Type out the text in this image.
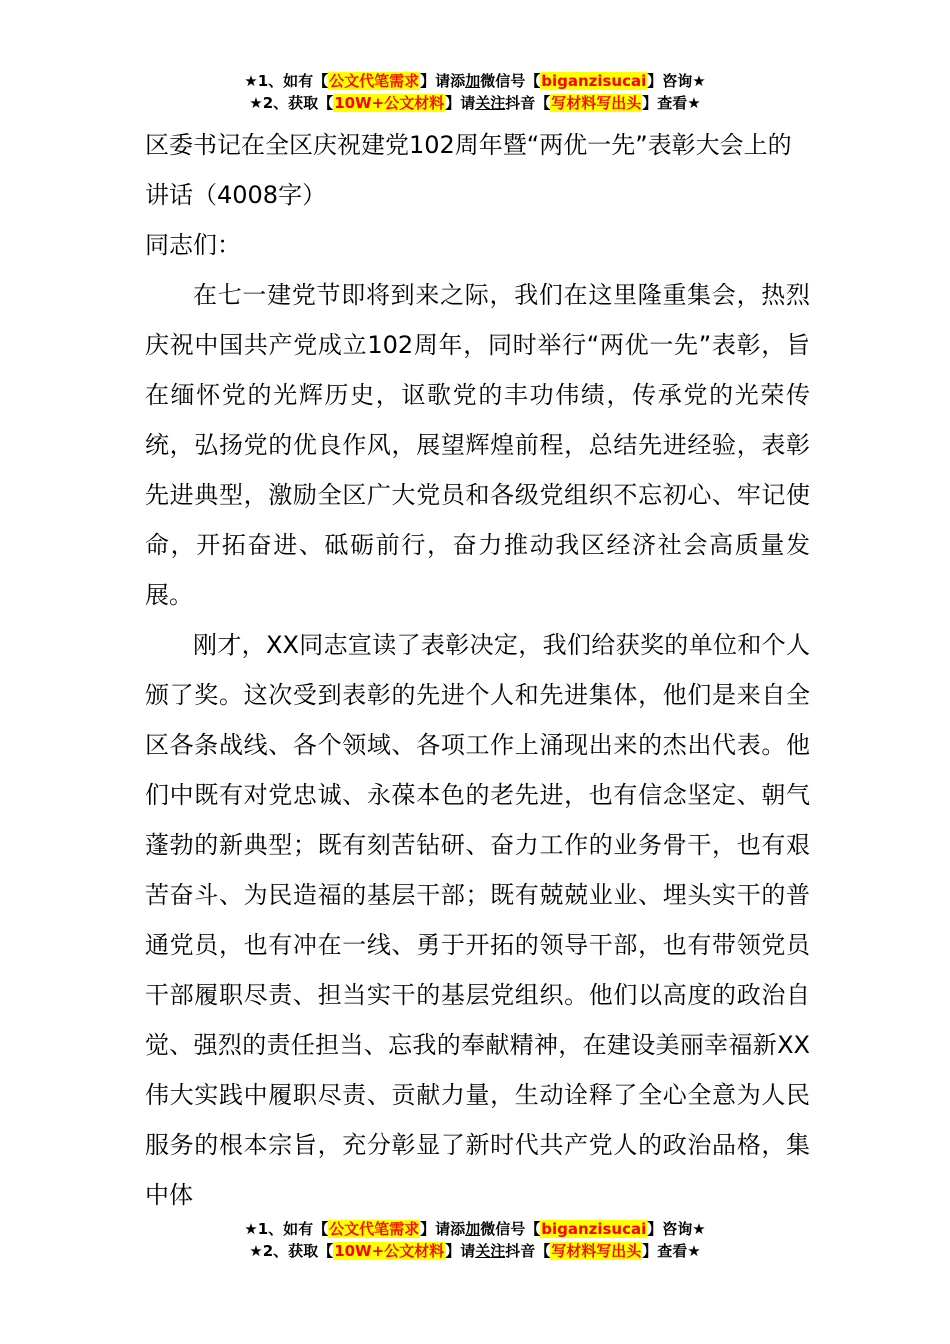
★1、如有【公文代笔需求】请添加微信号【biganzisucai】咨询★
★2、获取【10W+公文材料】请关注抖音【写材料写出头】查看★
区委书记在全区庆祝建党102周年暨“两优一先”表彰大会上的讲话（4008字）

同志们：

在七一建党节即将到来之际，我们在这里隆重集会，热烈庆祝中国共产党成立102周年，同时举行“两优一先”表彰，旨在缅怀党的光辉历史，讴歌党的丰功伟绩，传承党的光荣传统，弘扬党的优良作风，展望辉煌前程，总结先进经验，表彰先进典型，激励全区广大党员和各级党组织不忘初心、牢记使命，开拓奋进、砥砺前行，奋力推动我区经济社会高质量发展。

刚才，XX同志宣读了表彰决定，我们给获奖的单位和个人颁了奖。这次受到表彰的先进个人和先进集体，他们是来自全区各条战线、各个领域、各项工作上涌现出来的杰出代表。他们中既有对党忠诚、永葆本色的老先进，也有信念坚定、朝气蓬勃的新典型；既有刻苦钻研、奋力工作的业务骨干，也有艰苦奋斗、为民造福的基层干部；既有兢兢业业、埋头实干的普通党员，也有冲在一线、勇于开拓的领导干部，也有带领党员干部履职尽责、担当实干的基层党组织。他们以高度的政治自觉、强烈的责任担当、忘我的奉献精神，在建设美丽幸福新XX伟大实践中履职尽责、贡献力量，生动诠释了全心全意为人民服务的根本宗旨，充分彰显了新时代共产党人的政治品格，集中体

★1、如有【公文代笔需求】请添加微信号【biganzisucai】咨询★
★2、获取【10W+公文材料】请关注抖音【写材料写出头】查看★
